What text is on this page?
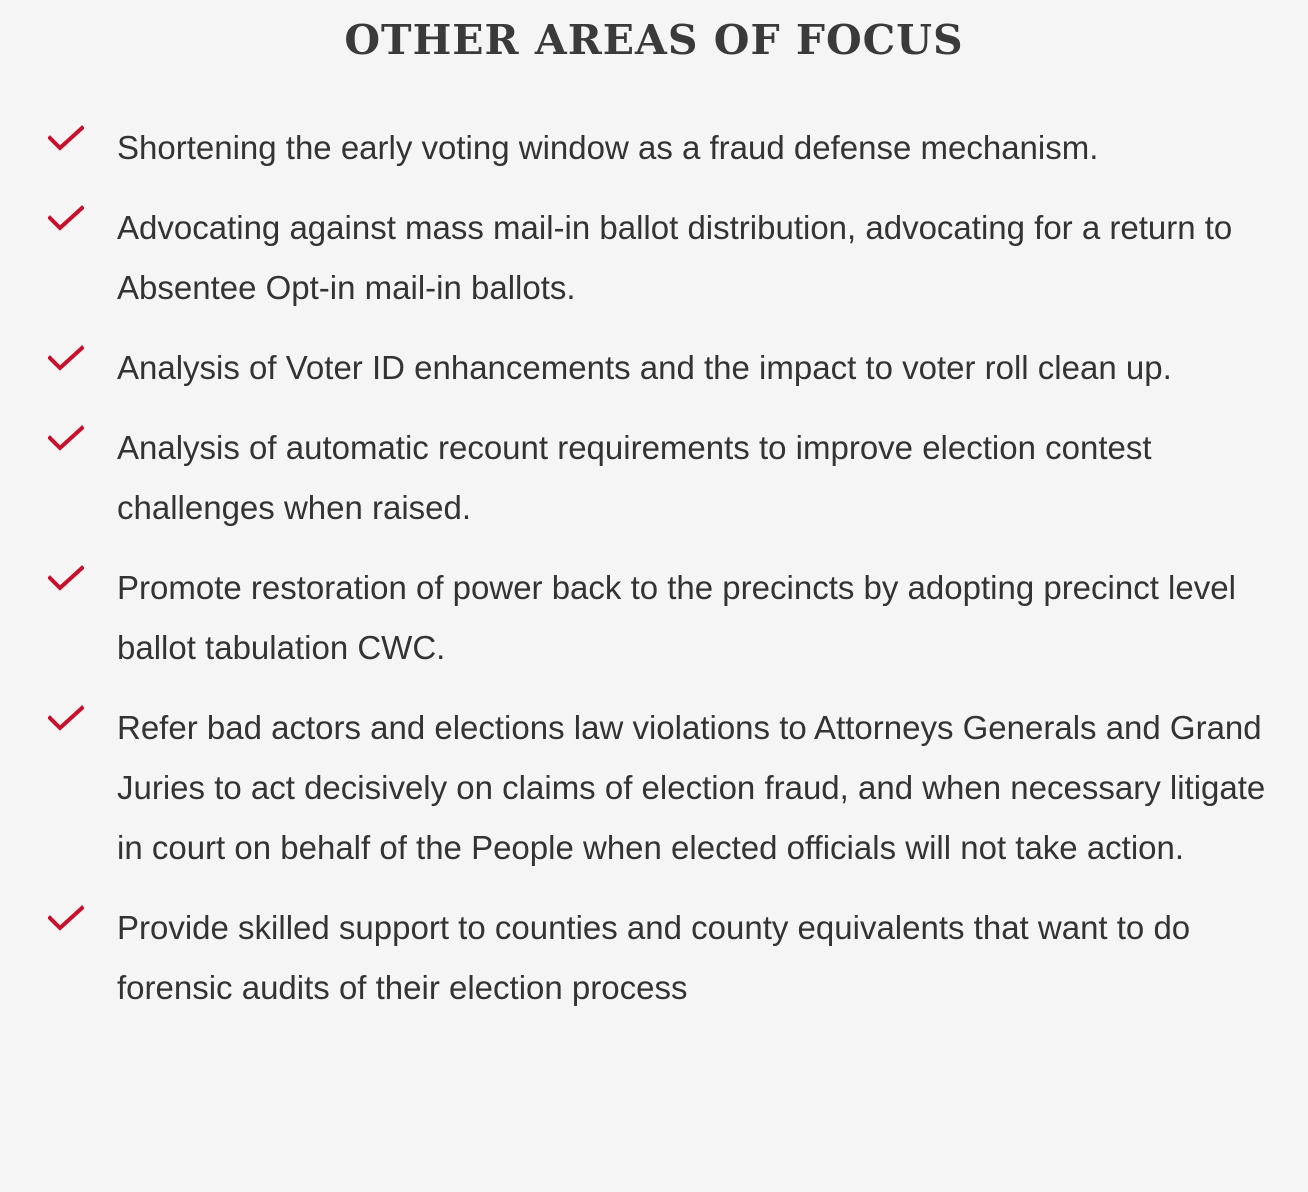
OTHER AREAS OF FOCUS
Shortening the early voting window as a fraud defense mechanism.
Advocating against mass mail-in ballot distribution, advocating for a return to Absentee Opt-in mail-in ballots.
Analysis of Voter ID enhancements and the impact to voter roll clean up.
Analysis of automatic recount requirements to improve election contest challenges when raised.
Promote restoration of power back to the precincts by adopting precinct level ballot tabulation CWC.
Refer bad actors and elections law violations to Attorneys Generals and Grand Juries to act decisively on claims of election fraud, and when necessary litigate in court on behalf of the People when elected officials will not take action.
Provide skilled support to counties and county equivalents that want to do forensic audits of their election process
